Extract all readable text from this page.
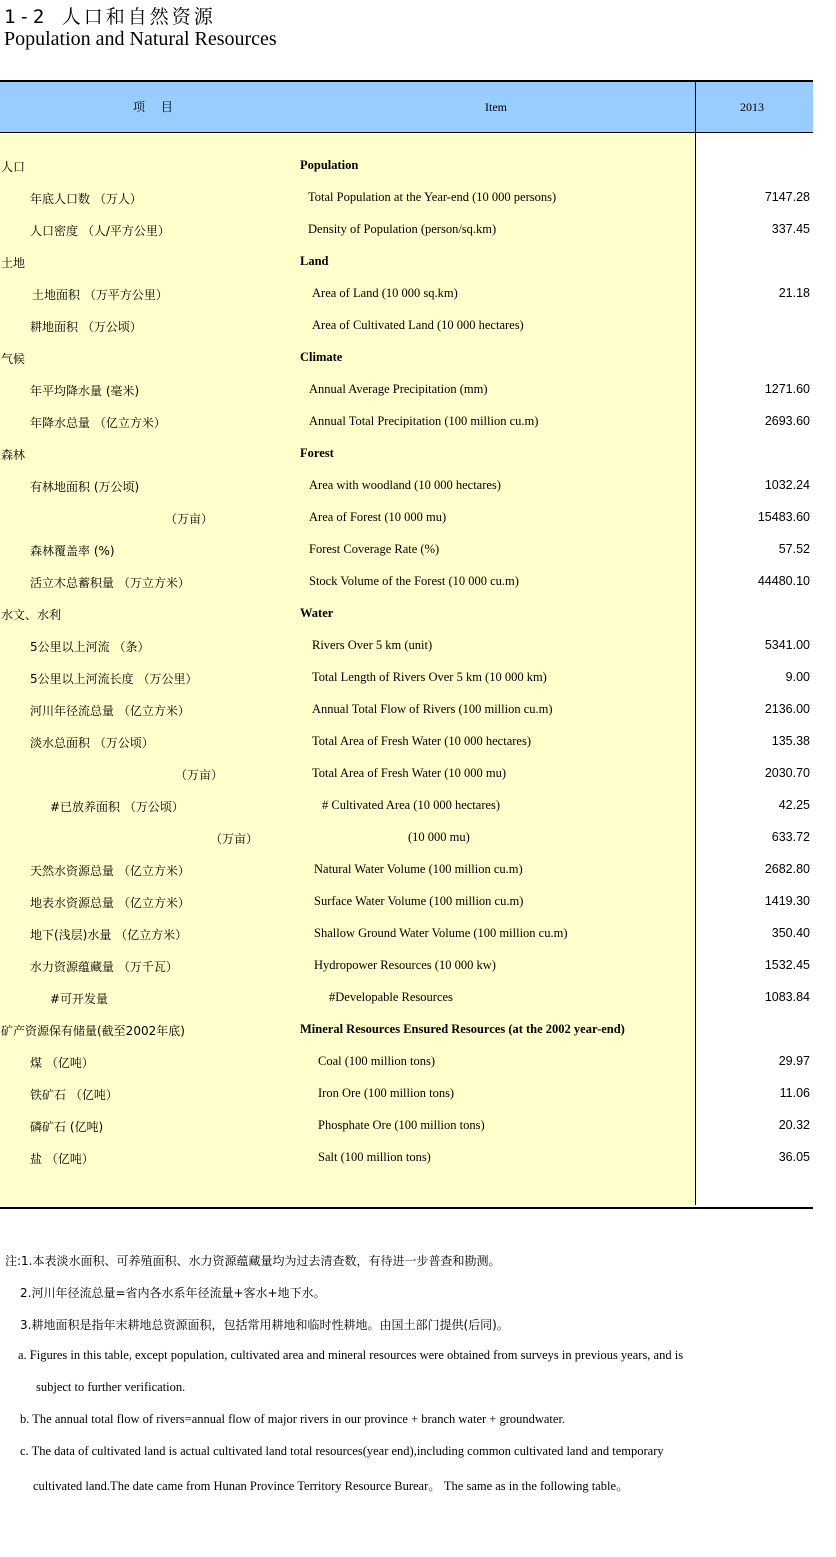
1-2 人口和自然资源
Population and Natural Resources
项 目	Item	2013
人口	Population
年底人口数 （万人）	Total Population at the Year-end (10 000 persons)	7147.28
人口密度 （人/平方公里）	Density of Population (person/sq.km)	337.45
土地	Land
土地面积 （万平方公里）	Area of Land (10 000 sq.km)	21.18
耕地面积 （万公顷）	Area of Cultivated Land (10 000 hectares)
气候	Climate
年平均降水量 (毫米)	Annual Average Precipitation (mm)	1271.60
年降水总量 （亿立方米）	Annual Total Precipitation (100 million cu.m)	2693.60
森林	Forest
有林地面积 (万公顷)	Area with woodland (10 000 hectares)	1032.24
（万亩）	Area of Forest (10 000 mu)	15483.60
森林覆盖率 (%)	Forest Coverage Rate (%)	57.52
活立木总蓄积量 （万立方米）	Stock Volume of the Forest (10 000 cu.m)	44480.10
水文、水利	Water
5公里以上河流 （条）	Rivers Over 5 km (unit)	5341.00
5公里以上河流长度 （万公里）	Total Length of Rivers Over 5 km (10 000 km)	9.00
河川年径流总量 （亿立方米）	Annual Total Flow of Rivers (100 million cu.m)	2136.00
淡水总面积 （万公顷）	Total Area of Fresh Water (10 000 hectares)	135.38
（万亩）	Total Area of Fresh Water (10 000 mu)	2030.70
#已放养面积 （万公顷）	# Cultivated Area (10 000 hectares)	42.25
（万亩）	(10 000 mu)	633.72
天然水资源总量 （亿立方米）	Natural Water Volume (100 million cu.m)	2682.80
地表水资源总量 （亿立方米）	Surface Water Volume (100 million cu.m)	1419.30
地下(浅层)水量 （亿立方米）	Shallow Ground Water Volume (100 million cu.m)	350.40
水力资源蕴藏量 （万千瓦）	Hydropower Resources (10 000 kw)	1532.45
#可开发量	#Developable Resources	1083.84
矿产资源保有储量(截至2002年底)	Mineral Resources Ensured Resources (at the 2002 year-end)
煤 （亿吨）	Coal (100 million tons)	29.97
铁矿石 （亿吨）	Iron Ore (100 million tons)	11.06
磷矿石 (亿吨)	Phosphate Ore (100 million tons)	20.32
盐 （亿吨）	Salt (100 million tons)	36.05
注:1.本表淡水面积、可养殖面积、水力资源蕴藏量均为过去清查数，有待进一步普查和勘测。
2.河川年径流总量=省内各水系年径流量+客水+地下水。
3.耕地面积是指年末耕地总资源面积，包括常用耕地和临时性耕地。由国土部门提供(后同)。
a. Figures in this table, except population, cultivated area and mineral resources were obtained from surveys in previous years, and is
subject to further verification.
b. The annual total flow of rivers=annual flow of major rivers in our province + branch water + groundwater.
c. The data of cultivated land is actual cultivated land total resources(year end),including common cultivated land and temporary
cultivated land.The date came from Hunan Province Territory Resource Burear。 The same as in the following table。
